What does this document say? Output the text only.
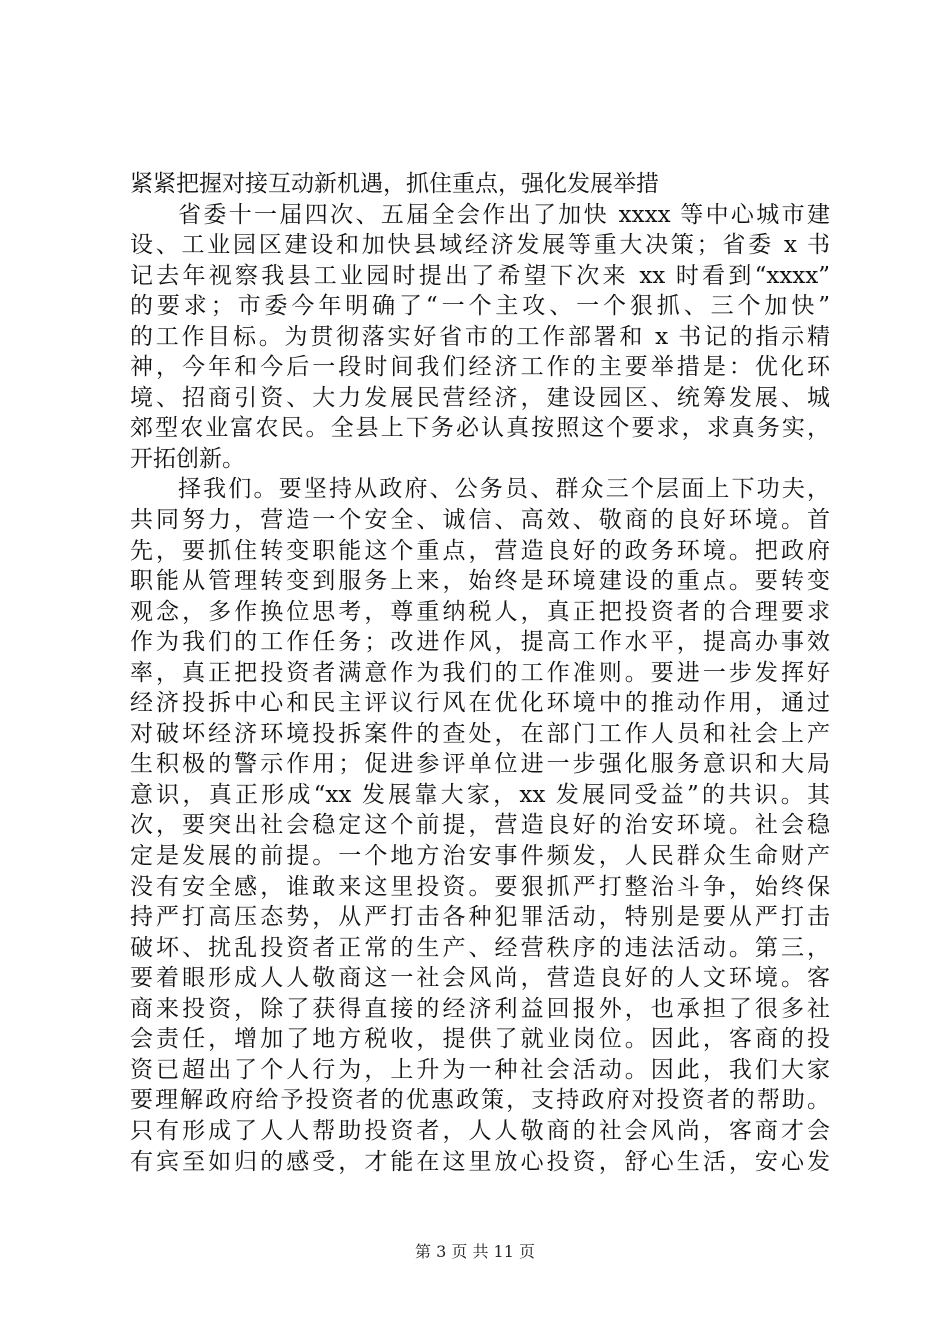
紧紧把握对接互动新机遇，抓住重点，强化发展举措
省委十一届四次、五届全会作出了加快 xxxx 等中心城市建
设、工业园区建设和加快县域经济发展等重大决策；省委 x 书
记去年视察我县工业园时提出了希望下次来 xx 时看到“xxxx”
的要求；市委今年明确了“一个主攻、一个狠抓、三个加快”
的工作目标。为贯彻落实好省市的工作部署和 x 书记的指示精
神，今年和今后一段时间我们经济工作的主要举措是：优化环
境、招商引资、大力发展民营经济，建设园区、统筹发展、城
郊型农业富农民。全县上下务必认真按照这个要求，求真务实，
开拓创新。
择我们。要坚持从政府、公务员、群众三个层面上下功夫，
共同努力，营造一个安全、诚信、高效、敬商的良好环境。首
先，要抓住转变职能这个重点，营造良好的政务环境。把政府
职能从管理转变到服务上来，始终是环境建设的重点。要转变
观念，多作换位思考，尊重纳税人，真正把投资者的合理要求
作为我们的工作任务；改进作风，提高工作水平，提高办事效
率，真正把投资者满意作为我们的工作准则。要进一步发挥好
经济投拆中心和民主评议行风在优化环境中的推动作用，通过
对破坏经济环境投拆案件的查处，在部门工作人员和社会上产
生积极的警示作用；促进参评单位进一步强化服务意识和大局
意识，真正形成“xx 发展靠大家，xx 发展同受益”的共识。其
次，要突出社会稳定这个前提，营造良好的治安环境。社会稳
定是发展的前提。一个地方治安事件频发，人民群众生命财产
没有安全感，谁敢来这里投资。要狠抓严打整治斗争，始终保
持严打高压态势，从严打击各种犯罪活动，特别是要从严打击
破坏、扰乱投资者正常的生产、经营秩序的违法活动。第三，
要着眼形成人人敬商这一社会风尚，营造良好的人文环境。客
商来投资，除了获得直接的经济利益回报外，也承担了很多社
会责任，增加了地方税收，提供了就业岗位。因此，客商的投
资已超出了个人行为，上升为一种社会活动。因此，我们大家
要理解政府给予投资者的优惠政策，支持政府对投资者的帮助。
只有形成了人人帮助投资者，人人敬商的社会风尚，客商才会
有宾至如归的感受，才能在这里放心投资，舒心生活，安心发
第 3 页 共 11 页
